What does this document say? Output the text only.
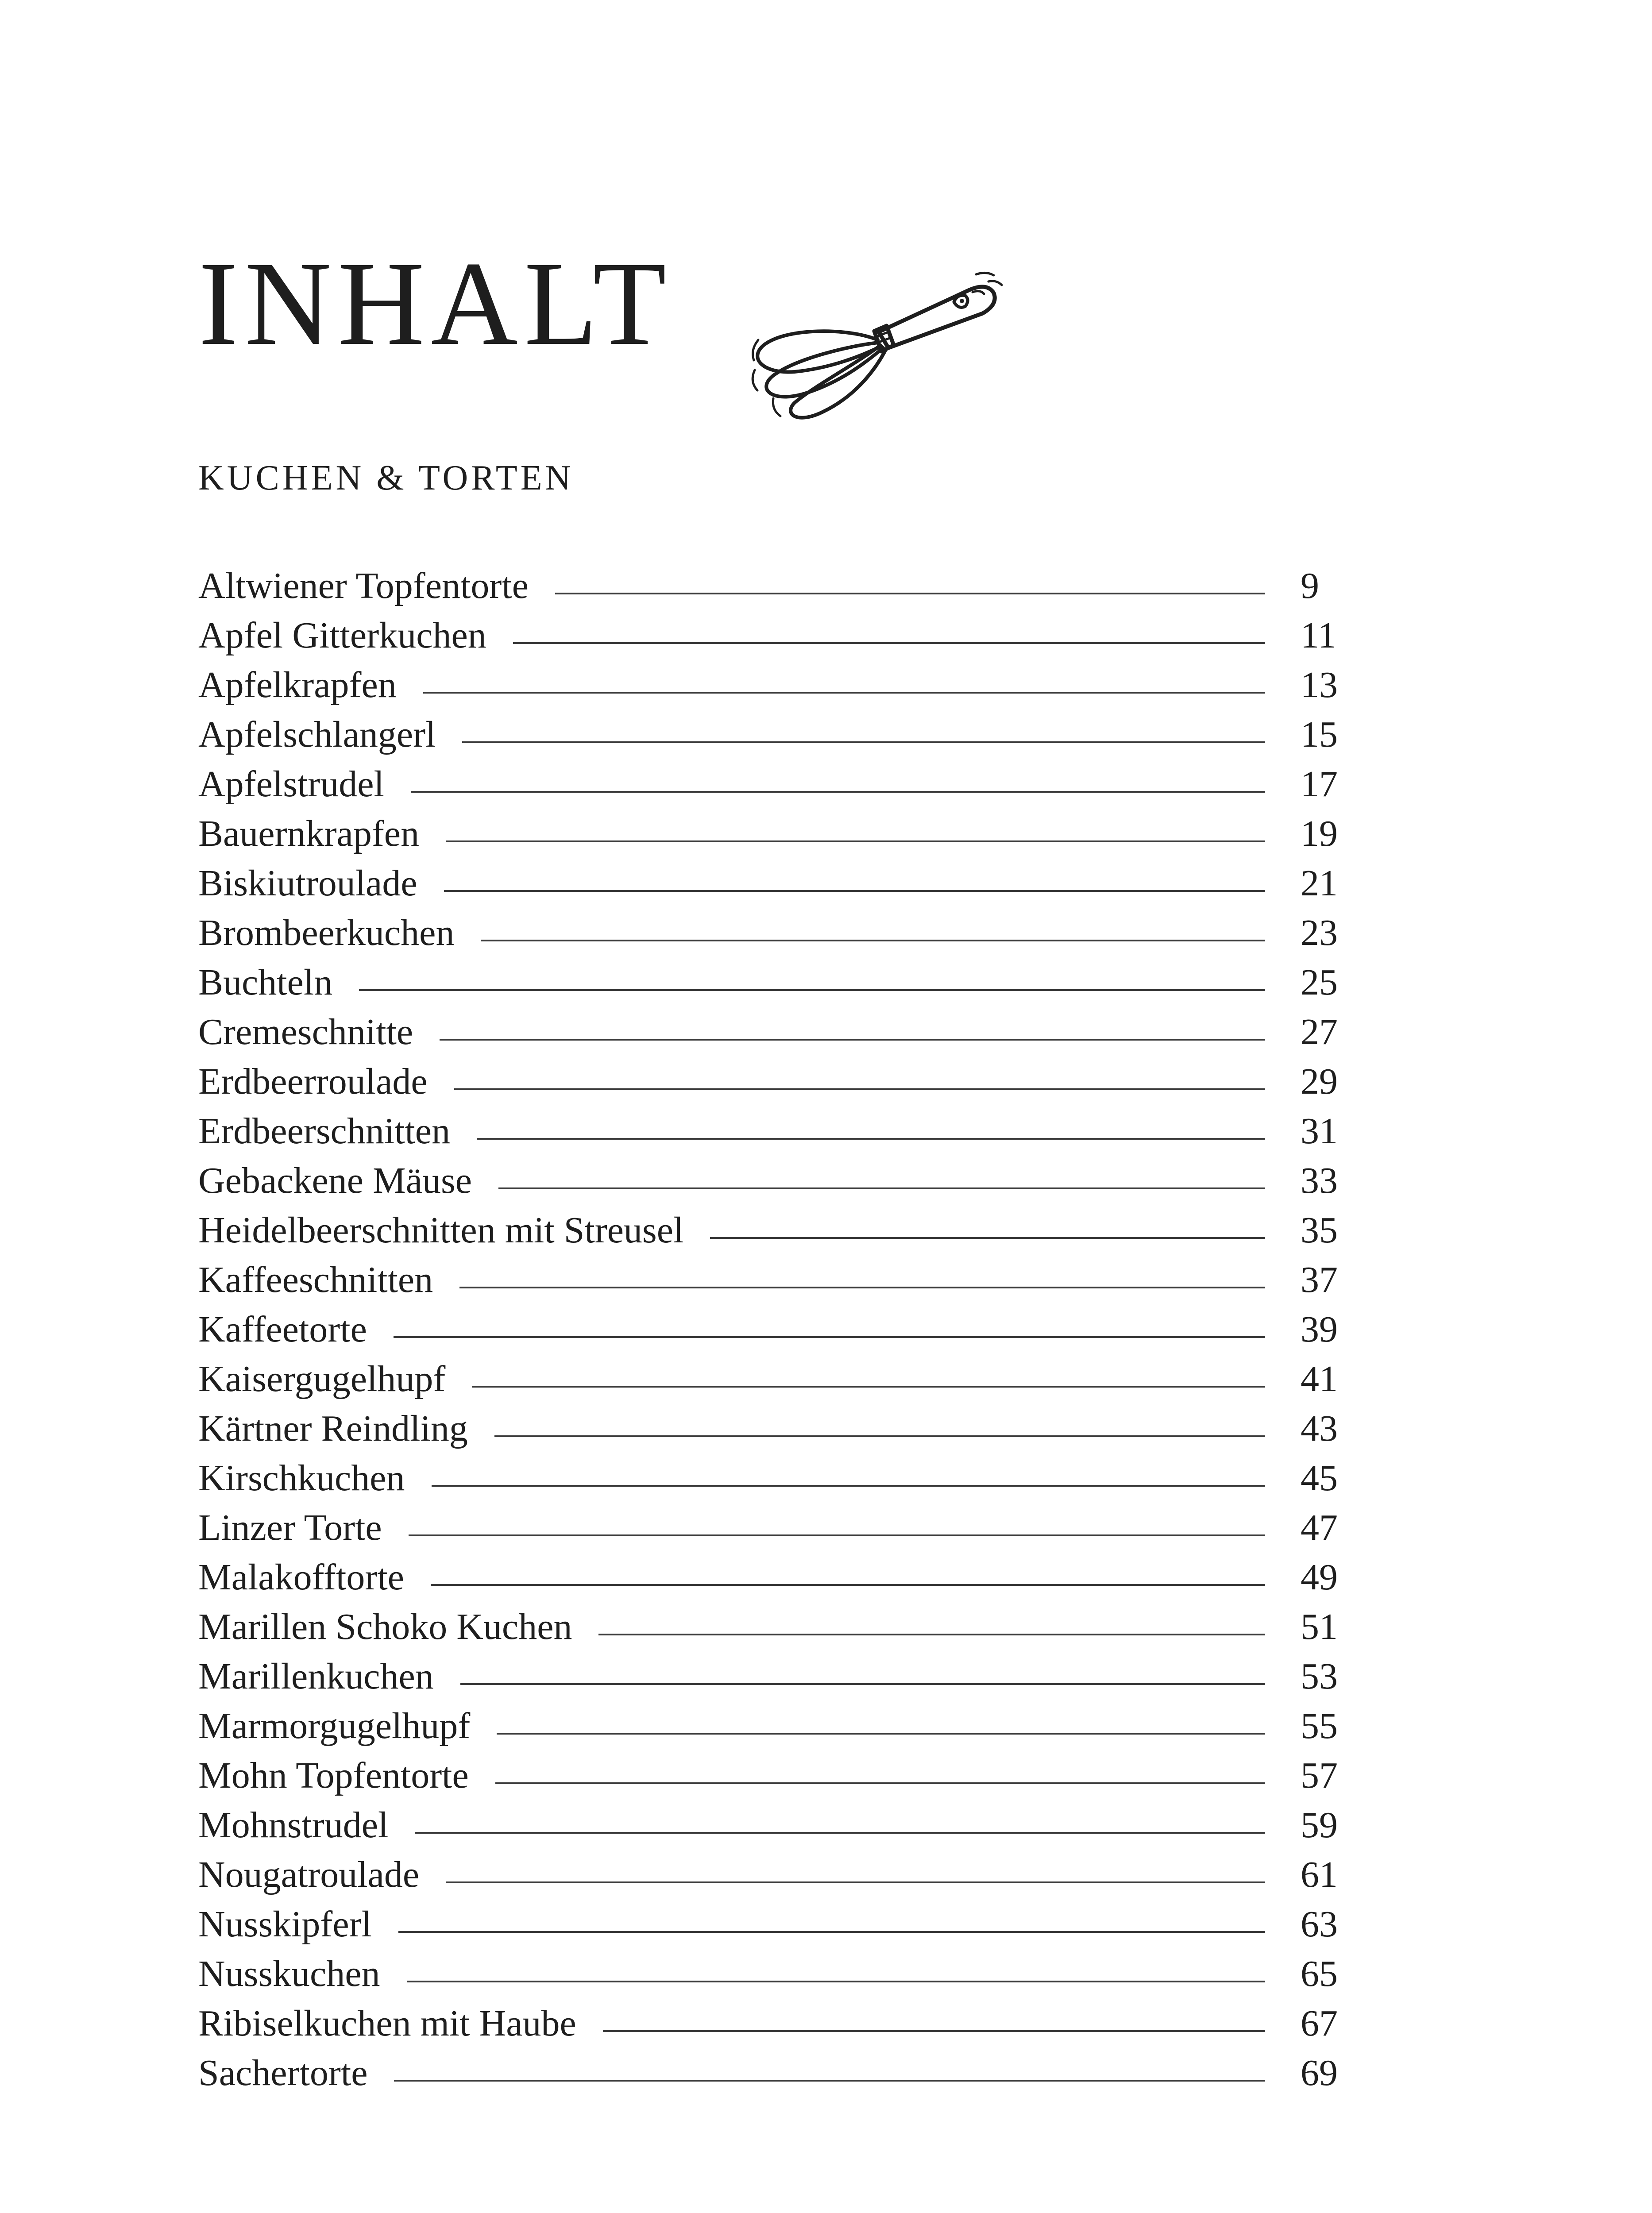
INHALT
KUCHEN & TORTEN
Altwiener Topfentorte	9
Apfel Gitterkuchen	11
Apfelkrapfen	13
Apfelschlangerl	15
Apfelstrudel	17
Bauernkrapfen	19
Biskiutroulade	21
Brombeerkuchen	23
Buchteln	25
Cremeschnitte	27
Erdbeerroulade	29
Erdbeerschnitten	31
Gebackene Mäuse	33
Heidelbeerschnitten mit Streusel	35
Kaffeeschnitten	37
Kaffeetorte	39
Kaisergugelhupf	41
Kärtner Reindling	43
Kirschkuchen	45
Linzer Torte	47
Malakofftorte	49
Marillen Schoko Kuchen	51
Marillenkuchen	53
Marmorgugelhupf	55
Mohn Topfentorte	57
Mohnstrudel	59
Nougatroulade	61
Nusskipferl	63
Nusskuchen	65
Ribiselkuchen mit Haube	67
Sachertorte	69
